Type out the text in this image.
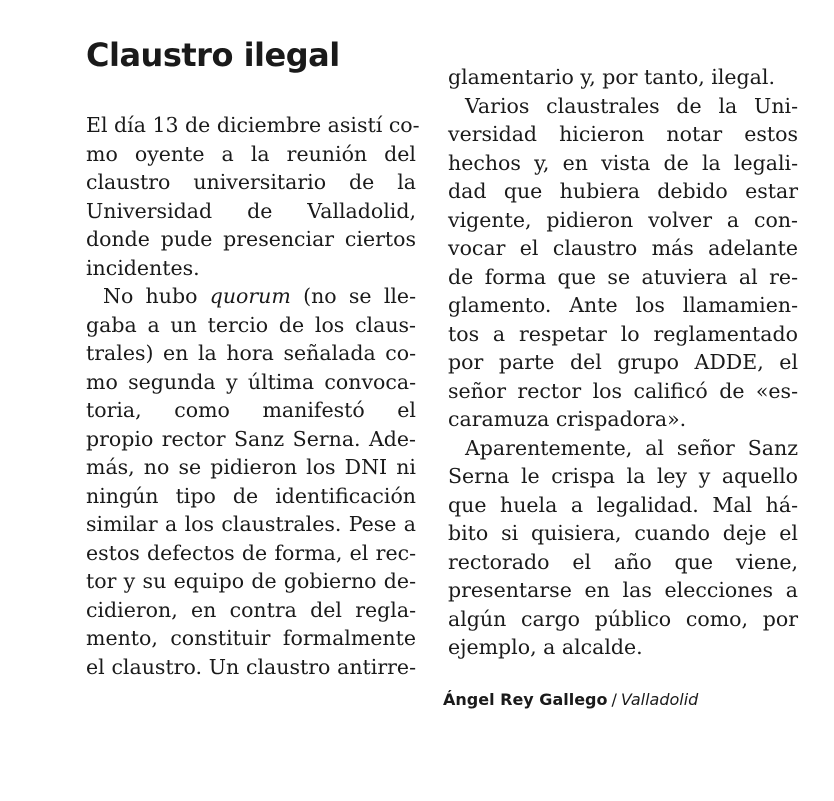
Claustro ilegal
El día 13 de diciembre asistí co-
mo oyente a la reunión del
claustro universitario de la
Universidad de Valladolid,
donde pude presenciar ciertos
incidentes.
No hubo quorum (no se lle-
gaba a un tercio de los claus-
trales) en la hora señalada co-
mo segunda y última convoca-
toria, como manifestó el
propio rector Sanz Serna. Ade-
más, no se pidieron los DNI ni
ningún tipo de identificación
similar a los claustrales. Pese a
estos defectos de forma, el rec-
tor y su equipo de gobierno de-
cidieron, en contra del regla-
mento, constituir formalmente
el claustro. Un claustro antirre-
glamentario y, por tanto, ilegal.
Varios claustrales de la Uni-
versidad hicieron notar estos
hechos y, en vista de la legali-
dad que hubiera debido estar
vigente, pidieron volver a con-
vocar el claustro más adelante
de forma que se atuviera al re-
glamento. Ante los llamamien-
tos a respetar lo reglamentado
por parte del grupo ADDE, el
señor rector los calificó de «es-
caramuza crispadora».
Aparentemente, al señor Sanz
Serna le crispa la ley y aquello
que huela a legalidad. Mal há-
bito si quisiera, cuando deje el
rectorado el año que viene,
presentarse en las elecciones a
algún cargo público como, por
ejemplo, a alcalde.
Ángel Rey Gallego / Valladolid
